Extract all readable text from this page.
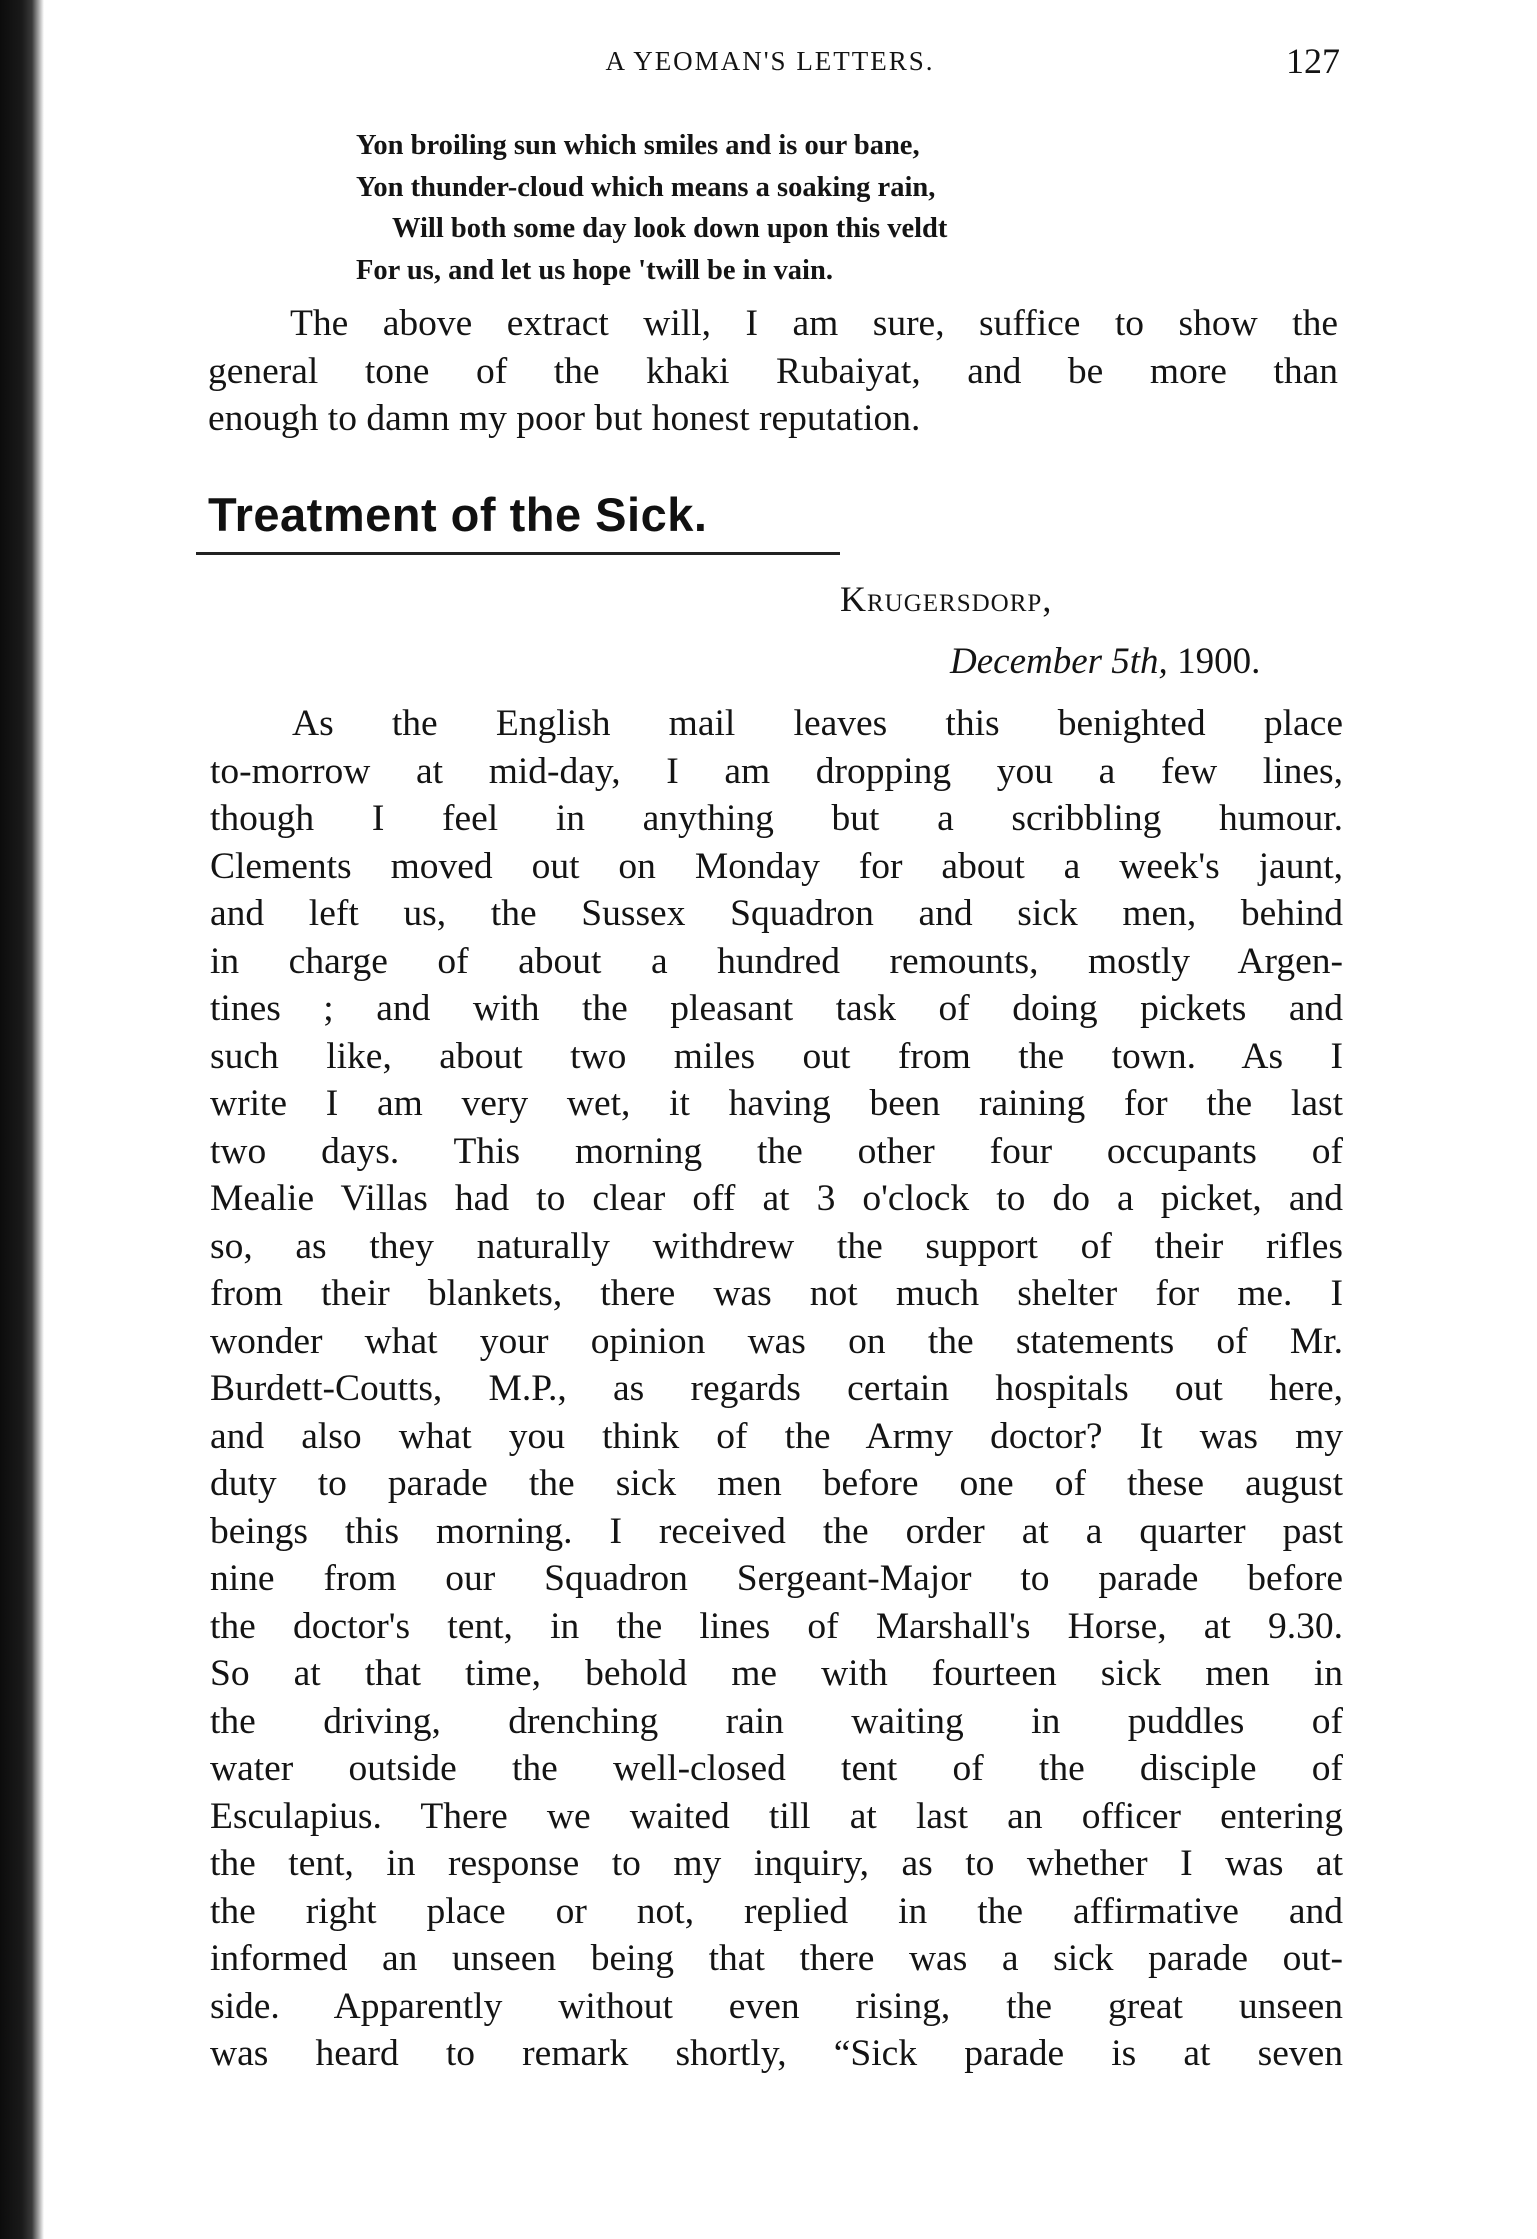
A YEOMAN'S LETTERS.	127
Yon broiling sun which smiles and is our bane,
Yon thunder-cloud which means a soaking rain,
Will both some day look down upon this veldt
For us, and let us hope 'twill be in vain.
The above extract will, I am sure, suffice to show the
general tone of the khaki Rubaiyat, and be more than
enough to damn my poor but honest reputation.
Treatment of the Sick.
Krugersdorp,
December 5th, 1900.
As the English mail leaves this benighted place
to-morrow at mid-day, I am dropping you a few lines,
though I feel in anything but a scribbling humour.
Clements moved out on Monday for about a week's jaunt,
and left us, the Sussex Squadron and sick men, behind
in charge of about a hundred remounts, mostly Argen-
tines ; and with the pleasant task of doing pickets and
such like, about two miles out from the town. As I
write I am very wet, it having been raining for the last
two days. This morning the other four occupants of
Mealie Villas had to clear off at 3 o'clock to do a picket, and
so, as they naturally withdrew the support of their rifles
from their blankets, there was not much shelter for me. I
wonder what your opinion was on the statements of Mr.
Burdett-Coutts, M.P., as regards certain hospitals out here,
and also what you think of the Army doctor? It was my
duty to parade the sick men before one of these august
beings this morning. I received the order at a quarter past
nine from our Squadron Sergeant-Major to parade before
the doctor's tent, in the lines of Marshall's Horse, at 9.30.
So at that time, behold me with fourteen sick men in
the driving, drenching rain waiting in puddles of
water outside the well-closed tent of the disciple of
Esculapius. There we waited till at last an officer entering
the tent, in response to my inquiry, as to whether I was at
the right place or not, replied in the affirmative and
informed an unseen being that there was a sick parade out-
side. Apparently without even rising, the great unseen
was heard to remark shortly, “Sick parade is at seven
